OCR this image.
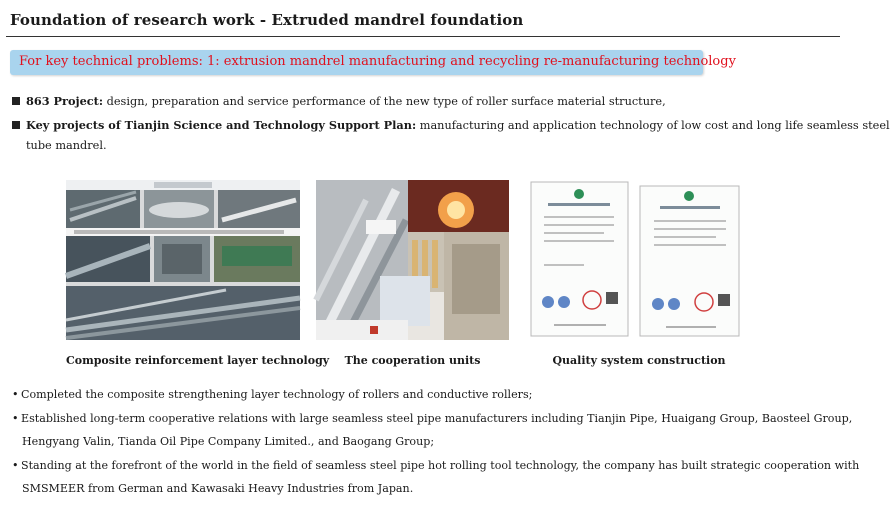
Foundation of research work - Extruded mandrel foundation
For key technical problems: 1: extrusion mandrel manufacturing and recycling re-manufacturing technology
863 Project: design, preparation and service performance of the new type of roller surface material structure,
Key projects of Tianjin Science and Technology Support Plan: manufacturing and application technology of low cost and long life seamless steel
tube mandrel.
Composite reinforcement layer technology	The cooperation units	Quality system construction
• Completed the composite strengthening layer technology of rollers and conductive rollers;
• Established long-term cooperative relations with large seamless steel pipe manufacturers including Tianjin Pipe, Huaigang Group, Baosteel Group,
Hengyang Valin, Tianda Oil Pipe Company Limited., and Baogang Group;
• Standing at the forefront of the world in the field of seamless steel pipe hot rolling tool technology, the company has built strategic cooperation with
SMSMEER from German and Kawasaki Heavy Industries from Japan.
